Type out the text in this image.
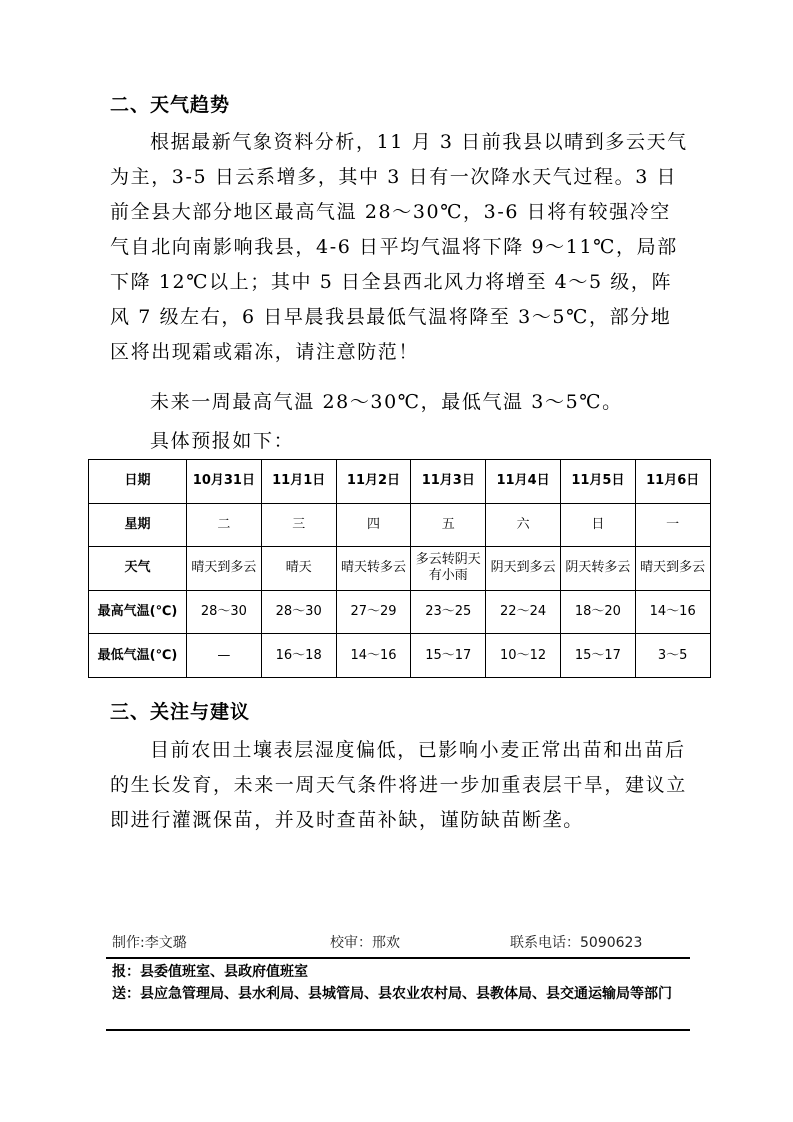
二、天气趋势
根据最新气象资料分析，11 月 3 日前我县以晴到多云天气为主，3-5 日云系增多，其中 3 日有一次降水天气过程。3 日前全县大部分地区最高气温 28～30℃，3-6 日将有较强冷空气自北向南影响我县，4-6 日平均气温将下降 9～11℃，局部下降 12℃以上；其中 5 日全县西北风力将增至 4～5 级，阵风 7 级左右，6 日早晨我县最低气温将降至 3～5℃，部分地区将出现霜或霜冻，请注意防范！
未来一周最高气温 28～30℃，最低气温 3～5℃。
具体预报如下：
日期	10月31日	11月1日	11月2日	11月3日	11月4日	11月5日	11月6日
星期	二	三	四	五	六	日	一
天气	晴天到多云	晴天	晴天转多云	多云转阴天有小雨	阴天到多云	阴天转多云	晴天到多云
最高气温(℃)	28～30	28～30	27～29	23～25	22～24	18～20	14～16
最低气温(℃)	—	16～18	14～16	15～17	10～12	15～17	3～5
三、关注与建议
目前农田土壤表层湿度偏低，已影响小麦正常出苗和出苗后的生长发育，未来一周天气条件将进一步加重表层干旱，建议立即进行灌溉保苗，并及时查苗补缺，谨防缺苗断垄。
制作:李文璐	校审：邢欢	联系电话：5090623
报：县委值班室、县政府值班室
送：县应急管理局、县水利局、县城管局、县农业农村局、县教体局、县交通运输局等部门
